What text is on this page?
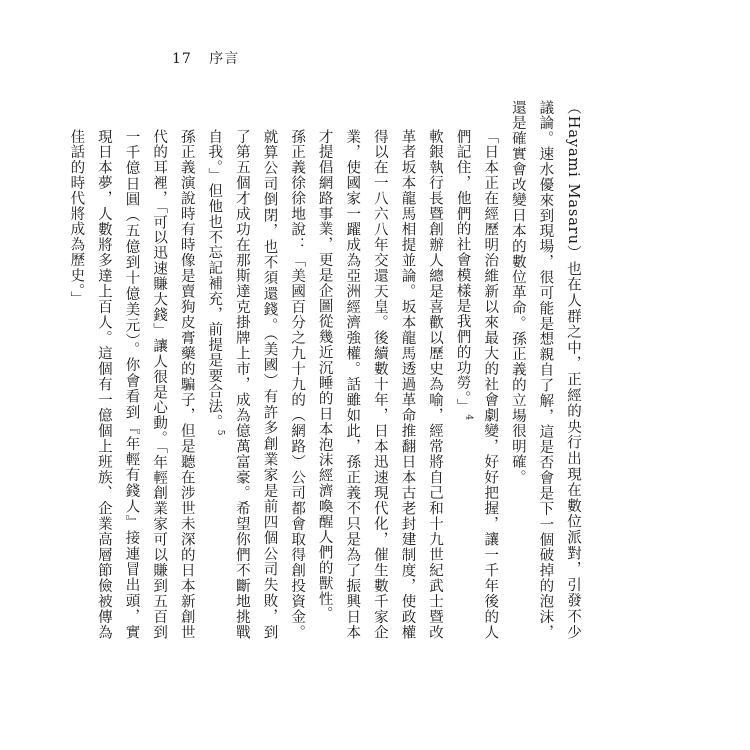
17 序言

（Hayami Masaru）也在人群之中，正經的央行出現在數位派對，引發不少議論。速水優來到現場，很可能是想親自了解，這是否會是下一個破掉的泡沫，還是確實會改變日本的數位革命。孫正義的立場很明確。

「日本正在經歷明治維新以來最大的社會劇變，好好把握，讓一千年後的人們記住，他們的社會模樣是我們的功勞。」$^4$

軟銀執行長暨創辦人總是喜歡以歷史為喻，經常將自己和十九世紀武士暨改革者坂本龍馬相提並論。坂本龍馬透過革命推翻日本古老封建制度，使政權得以在一八六八年交還天皇。後續數十年，日本迅速現代化，催生數千家企業，使國家一躍成為亞洲經濟強權。話雖如此，孫正義不只是為了振興日本才提倡網路事業，更是企圖從幾近沉睡的日本泡沫經濟喚醒人們的獸性。

孫正義徐徐地說：「美國百分之九十九的（網路）公司都會取得創投資金。就算公司倒閉，也不須還錢。（美國）有許多創業家是前四個公司失敗，到了第五個才成功在那斯達克掛牌上市，成為億萬富豪。希望你們不斷地挑戰自我。」但他也不忘記補充，前提是要合法。$^5$

孫正義演說時有時像是賣狗皮膏藥的騙子，但是聽在涉世未深的日本新創世代的耳裡，「可以迅速賺大錢」讓人很是心動。「年輕創業家可以賺到五百到一千億日圓（五億到十億美元）。你會看到『年輕有錢人』接連冒出頭，實現日本夢，人數將多達上百人。這個有一億個上班族、企業高層節儉被傳為佳話的時代將成為歷史。」
